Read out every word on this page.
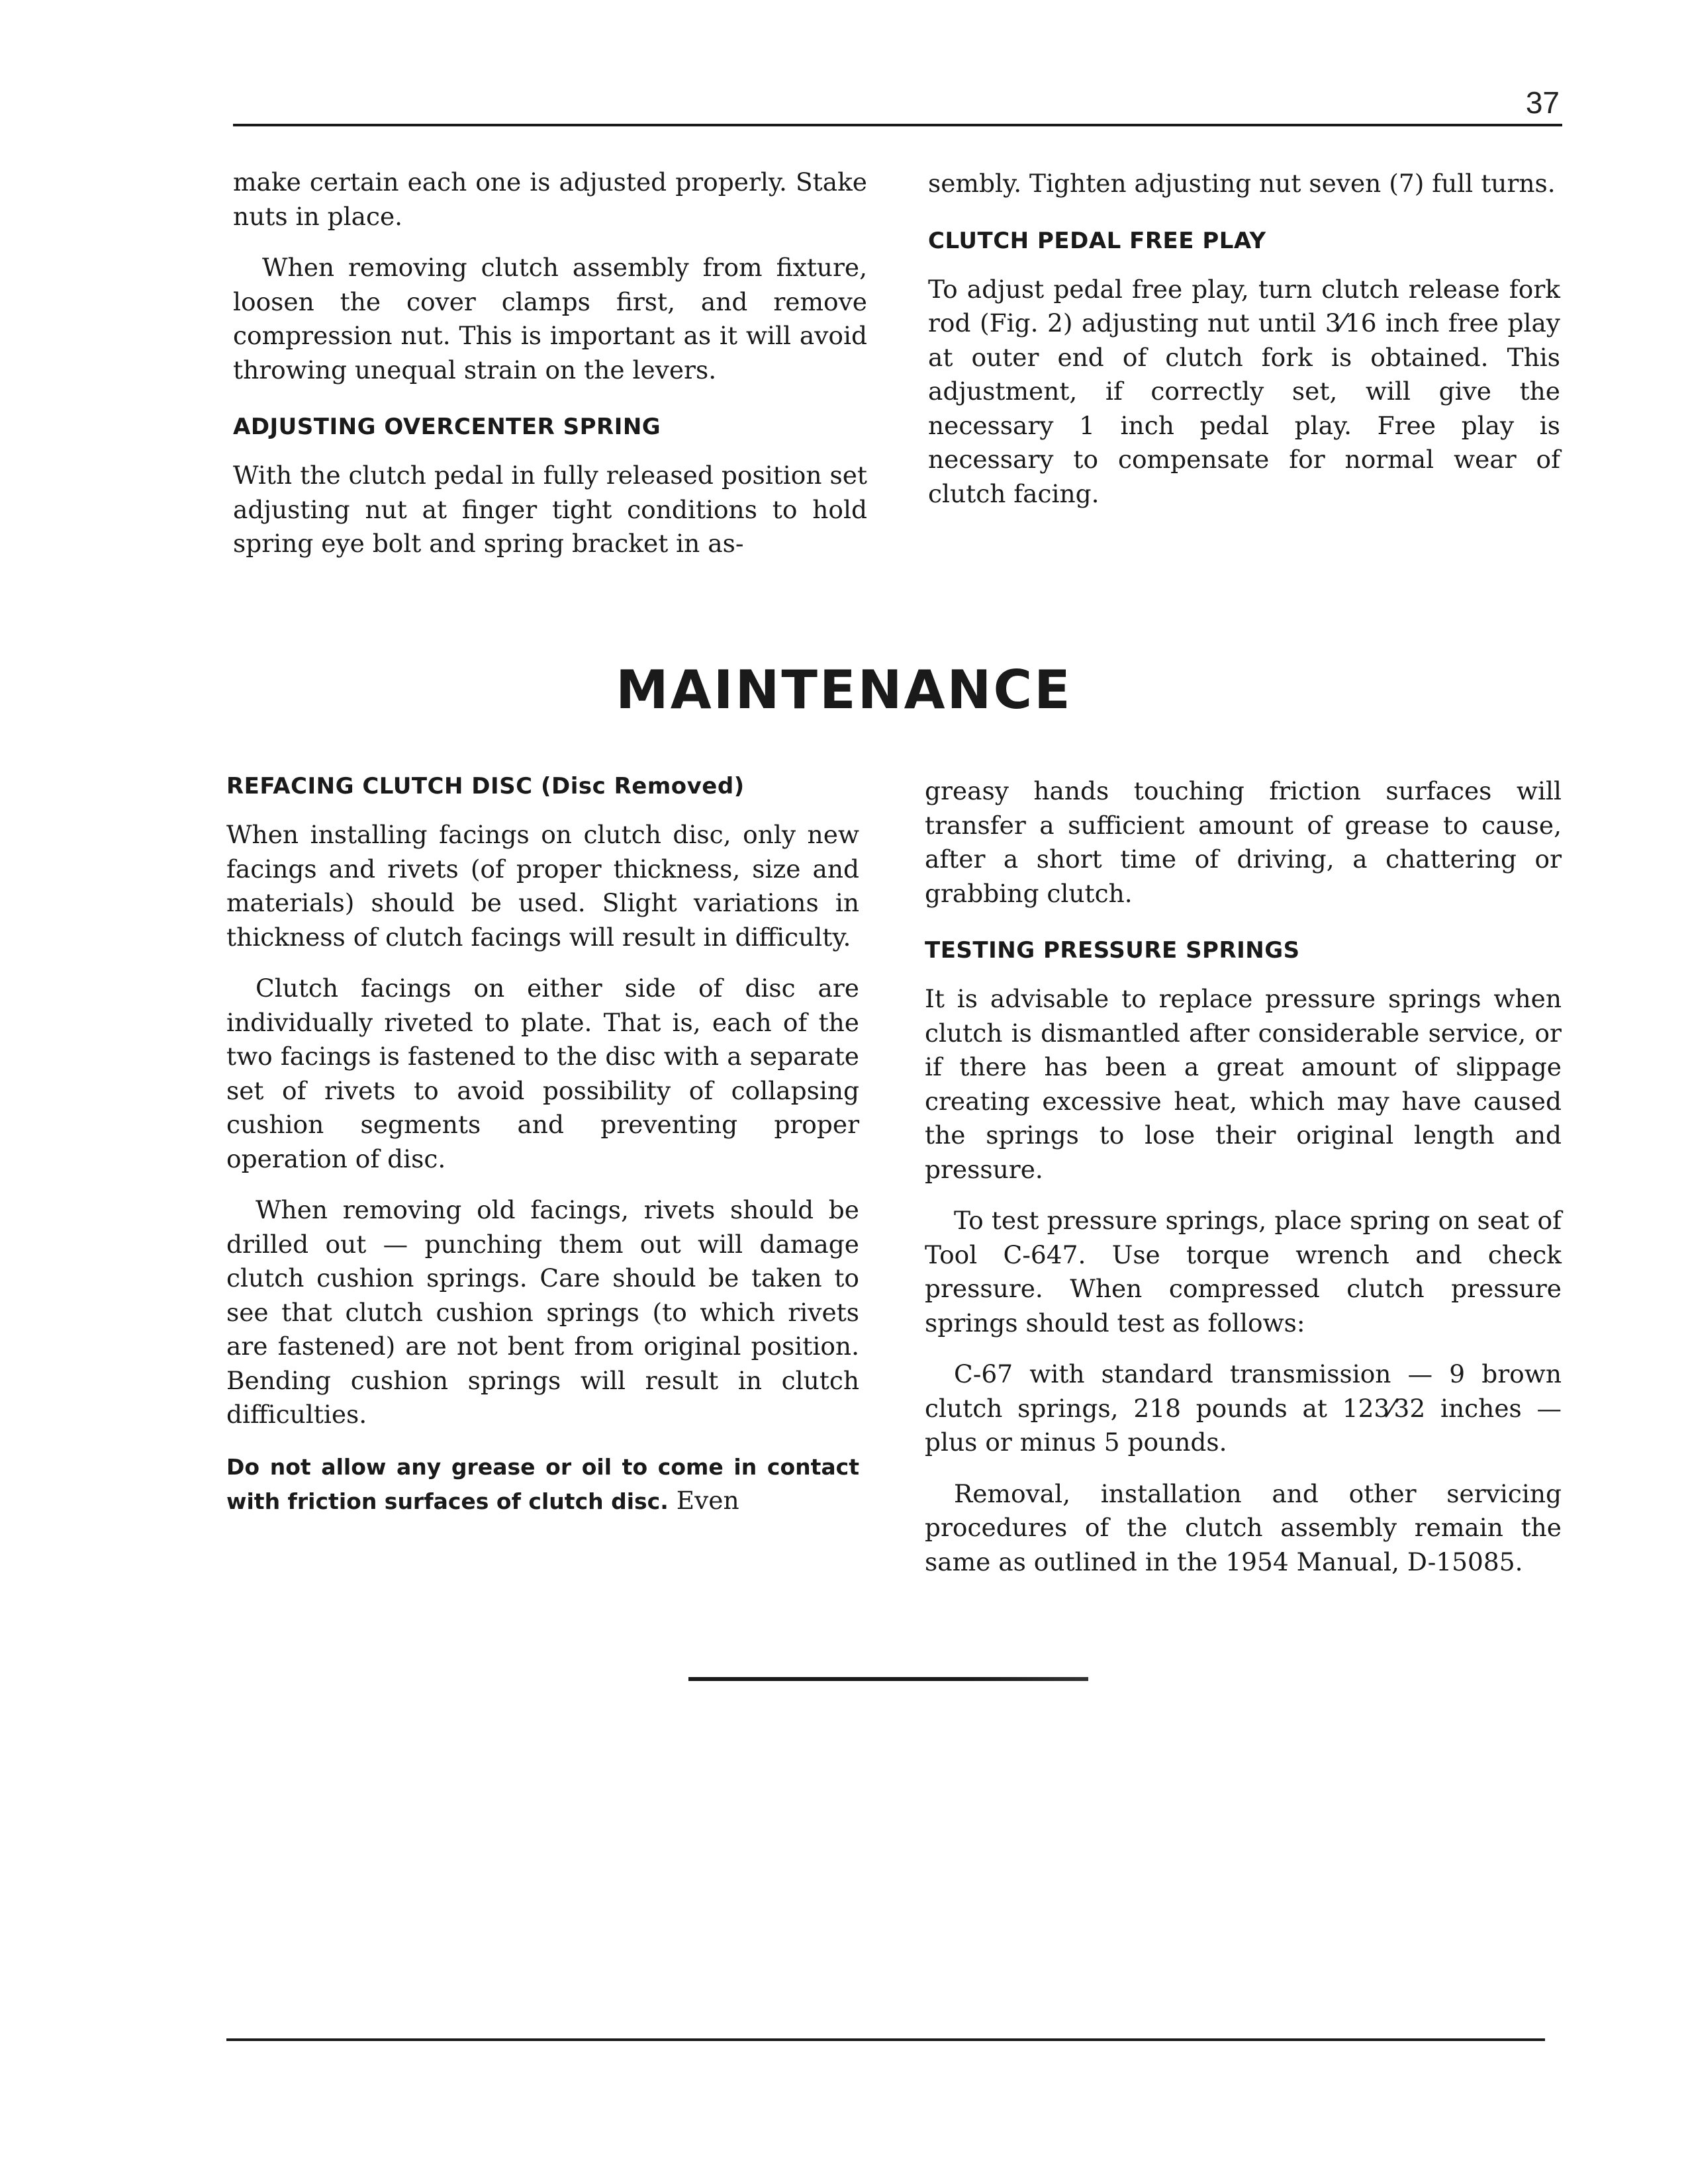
37

make certain each one is adjusted properly. Stake nuts in place.

When removing clutch assembly from fixture, loosen the cover clamps first, and remove compression nut. This is important as it will avoid throwing unequal strain on the levers.

ADJUSTING OVERCENTER SPRING

With the clutch pedal in fully released position set adjusting nut at finger tight conditions to hold spring eye bolt and spring bracket in as-

sembly. Tighten adjusting nut seven (7) full turns.

CLUTCH PEDAL FREE PLAY

To adjust pedal free play, turn clutch release fork rod (Fig. 2) adjusting nut until 3⁄16 inch free play at outer end of clutch fork is obtained. This adjustment, if correctly set, will give the necessary 1 inch pedal play. Free play is necessary to compensate for normal wear of clutch facing.

MAINTENANCE
REFACING CLUTCH DISC (Disc Removed)

When installing facings on clutch disc, only new facings and rivets (of proper thickness, size and materials) should be used. Slight variations in thickness of clutch facings will result in difficulty.

Clutch facings on either side of disc are individually riveted to plate. That is, each of the two facings is fastened to the disc with a separate set of rivets to avoid possibility of collapsing cushion segments and preventing proper operation of disc.

When removing old facings, rivets should be drilled out — punching them out will damage clutch cushion springs. Care should be taken to see that clutch cushion springs (to which rivets are fastened) are not bent from original position. Bending cushion springs will result in clutch difficulties.

Do not allow any grease or oil to come in contact with friction surfaces of clutch disc. Even

greasy hands touching friction surfaces will transfer a sufficient amount of grease to cause, after a short time of driving, a chattering or grabbing clutch.

TESTING PRESSURE SPRINGS

It is advisable to replace pressure springs when clutch is dismantled after considerable service, or if there has been a great amount of slippage creating excessive heat, which may have caused the springs to lose their original length and pressure.

To test pressure springs, place spring on seat of Tool C-647. Use torque wrench and check pressure. When compressed clutch pressure springs should test as follows:

C-67 with standard transmission — 9 brown clutch springs, 218 pounds at 123⁄32 inches — plus or minus 5 pounds.

Removal, installation and other servicing procedures of the clutch assembly remain the same as outlined in the 1954 Manual, D-15085.
